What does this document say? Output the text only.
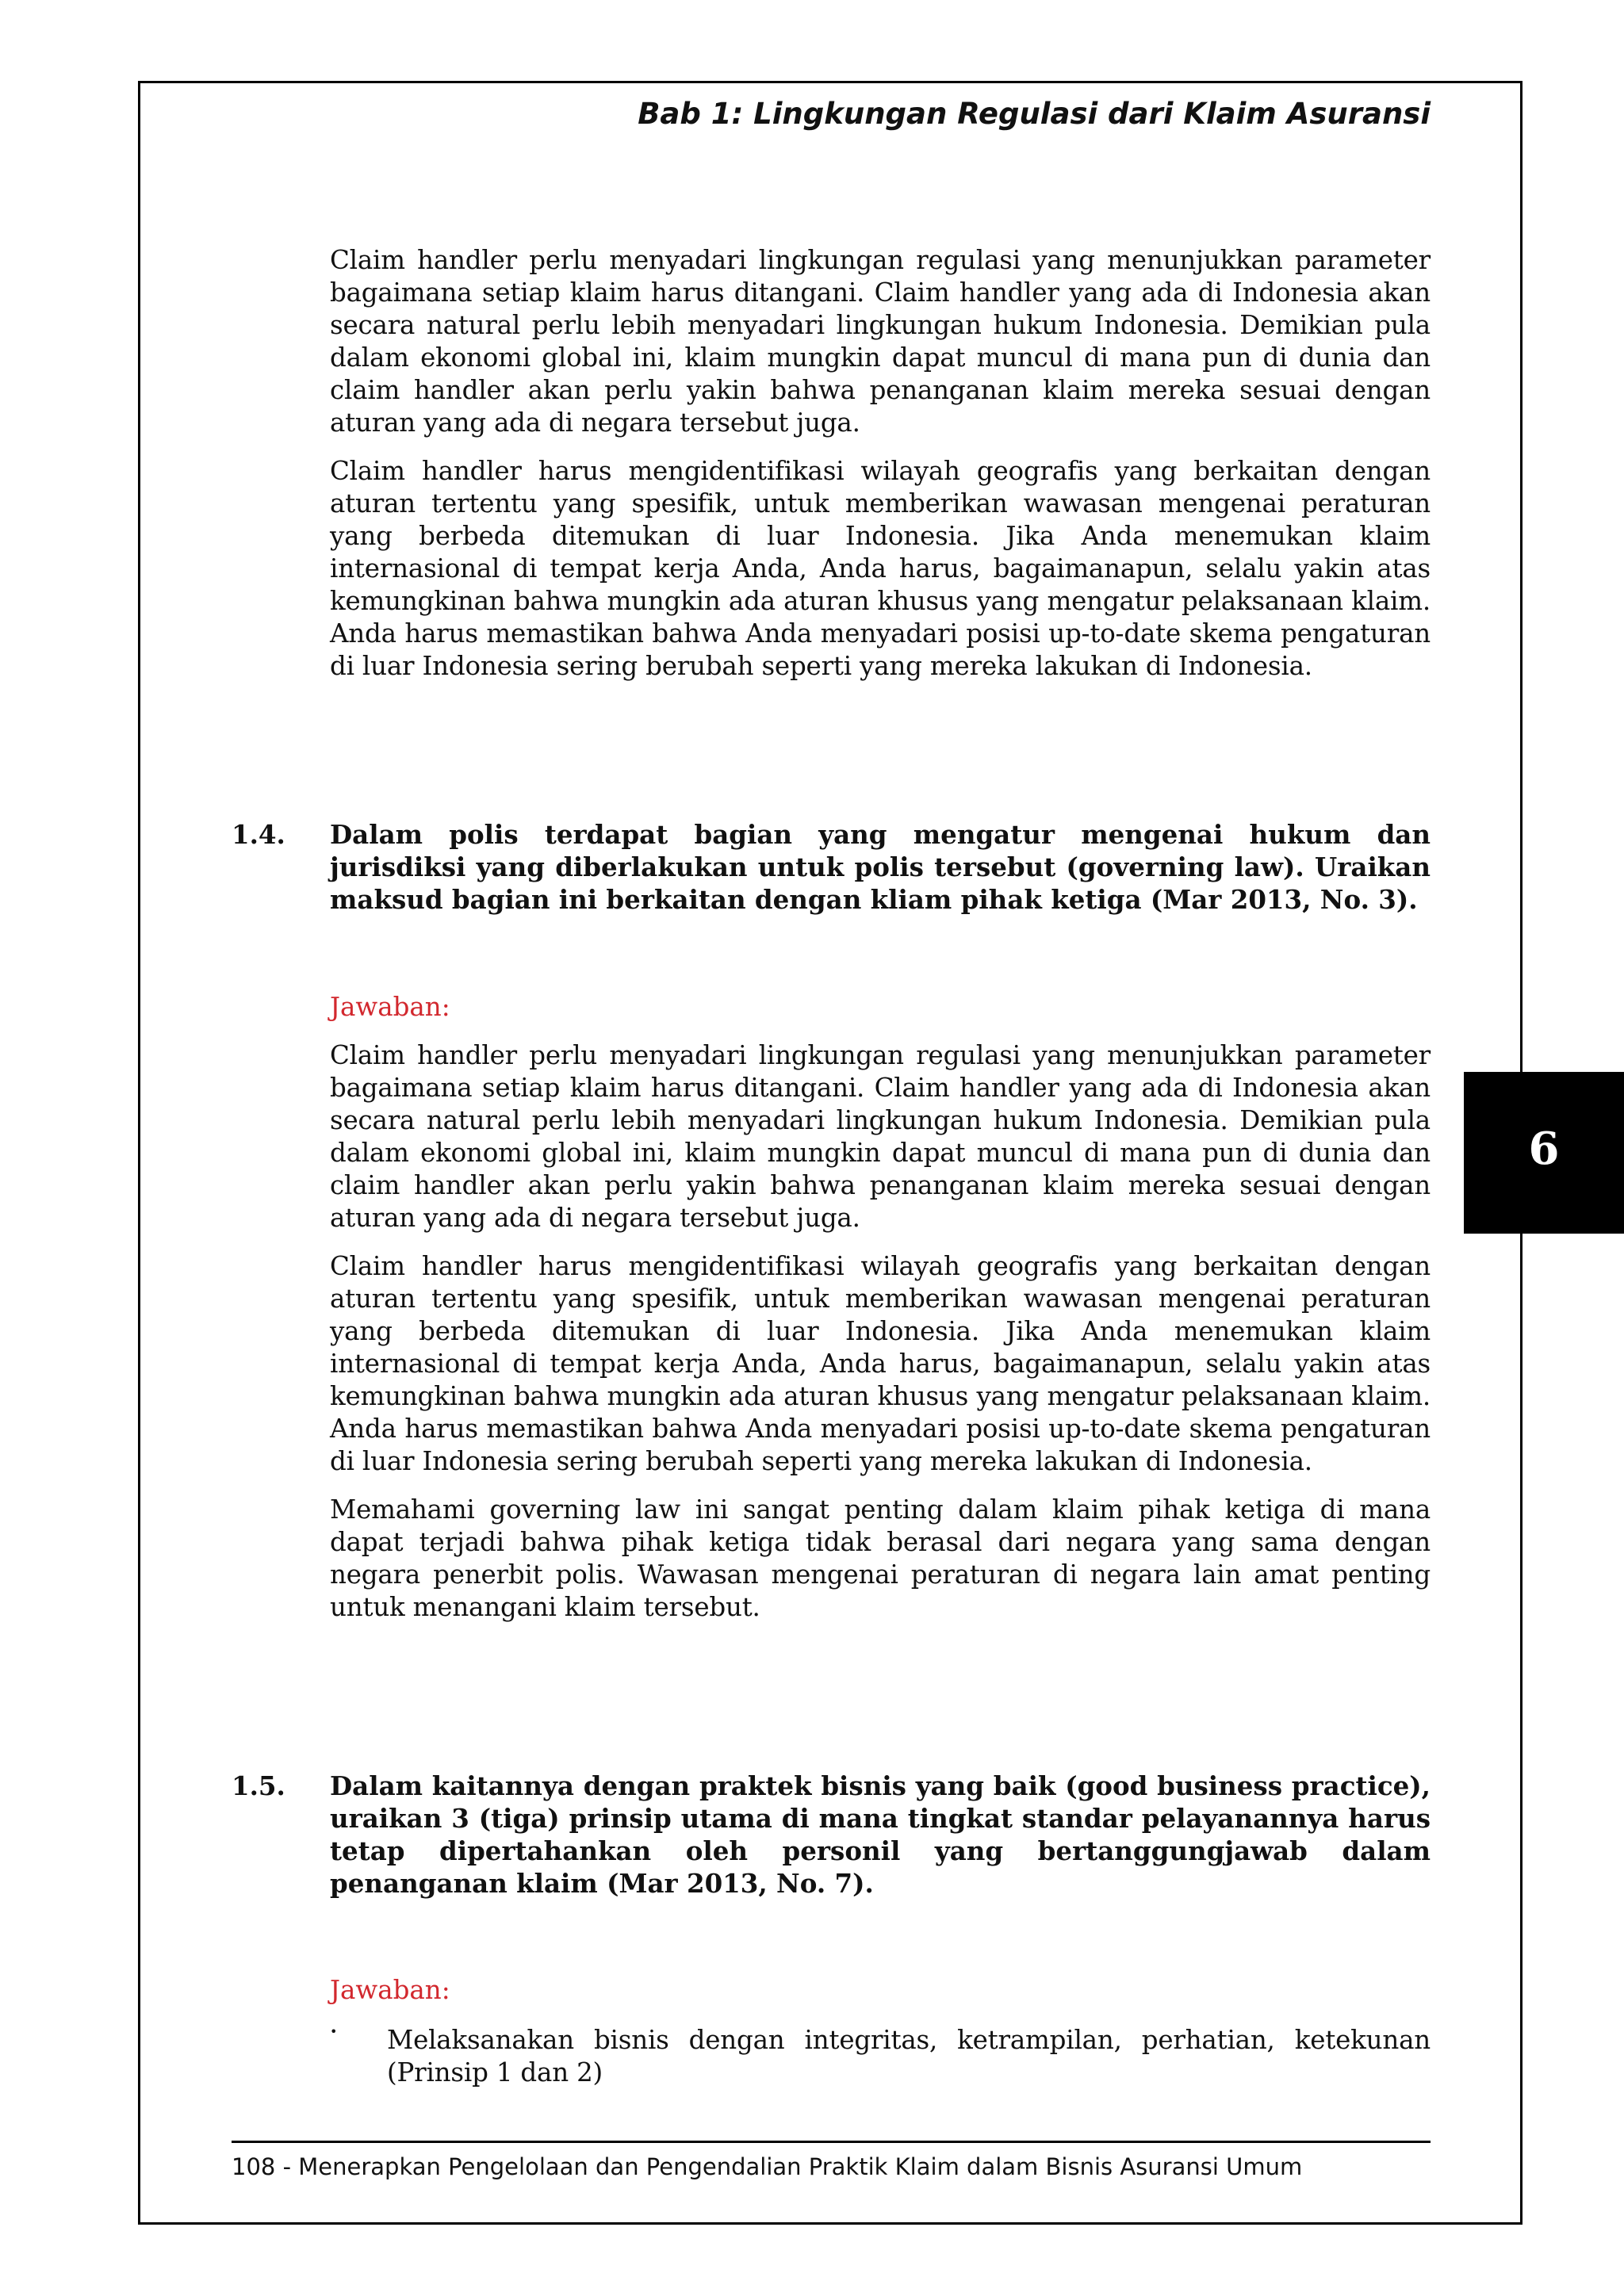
Bab 1: Lingkungan Regulasi dari Klaim Asuransi

Claim handler perlu menyadari lingkungan regulasi yang menunjukkan parameter bagaimana setiap klaim harus ditangani. Claim handler yang ada di Indonesia akan secara natural perlu lebih menyadari lingkungan hukum Indonesia. Demikian pula dalam ekonomi global ini, klaim mungkin dapat muncul di mana pun di dunia dan claim handler akan perlu yakin bahwa penanganan klaim mereka sesuai dengan aturan yang ada di negara tersebut juga.

Claim handler harus mengidentifikasi wilayah geografis yang berkaitan dengan aturan tertentu yang spesifik, untuk memberikan wawasan mengenai peraturan yang berbeda ditemukan di luar Indonesia. Jika Anda menemukan klaim internasional di tempat kerja Anda, Anda harus, bagaimanapun, selalu yakin atas kemungkinan bahwa mungkin ada aturan khusus yang mengatur pelaksanaan klaim. Anda harus memastikan bahwa Anda menyadari posisi up-to-date skema pengaturan di luar Indonesia sering berubah seperti yang mereka lakukan di Indonesia.

1.4. Dalam polis terdapat bagian yang mengatur mengenai hukum dan jurisdiksi yang diberlakukan untuk polis tersebut (governing law). Uraikan maksud bagian ini berkaitan dengan kliam pihak ketiga (Mar 2013, No. 3).
Jawaban:

Claim handler perlu menyadari lingkungan regulasi yang menunjukkan parameter bagaimana setiap klaim harus ditangani. Claim handler yang ada di Indonesia akan secara natural perlu lebih menyadari lingkungan hukum Indonesia. Demikian pula dalam ekonomi global ini, klaim mungkin dapat muncul di mana pun di dunia dan claim handler akan perlu yakin bahwa penanganan klaim mereka sesuai dengan aturan yang ada di negara tersebut juga.

Claim handler harus mengidentifikasi wilayah geografis yang berkaitan dengan aturan tertentu yang spesifik, untuk memberikan wawasan mengenai peraturan yang berbeda ditemukan di luar Indonesia. Jika Anda menemukan klaim internasional di tempat kerja Anda, Anda harus, bagaimanapun, selalu yakin atas kemungkinan bahwa mungkin ada aturan khusus yang mengatur pelaksanaan klaim. Anda harus memastikan bahwa Anda menyadari posisi up-to-date skema pengaturan di luar Indonesia sering berubah seperti yang mereka lakukan di Indonesia.

Memahami governing law ini sangat penting dalam klaim pihak ketiga di mana dapat terjadi bahwa pihak ketiga tidak berasal dari negara yang sama dengan negara penerbit polis. Wawasan mengenai peraturan di negara lain amat penting untuk menangani klaim tersebut.

1.5. Dalam kaitannya dengan praktek bisnis yang baik (good business practice), uraikan 3 (tiga) prinsip utama di mana tingkat standar pelayanannya harus tetap dipertahankan oleh personil yang bertanggungjawab dalam penanganan klaim (Mar 2013, No. 7).
Jawaban:
• Melaksanakan bisnis dengan integritas, ketrampilan, perhatian, ketekunan (Prinsip 1 dan 2)

6
108 - Menerapkan Pengelolaan dan Pengendalian Praktik Klaim dalam Bisnis Asuransi Umum
